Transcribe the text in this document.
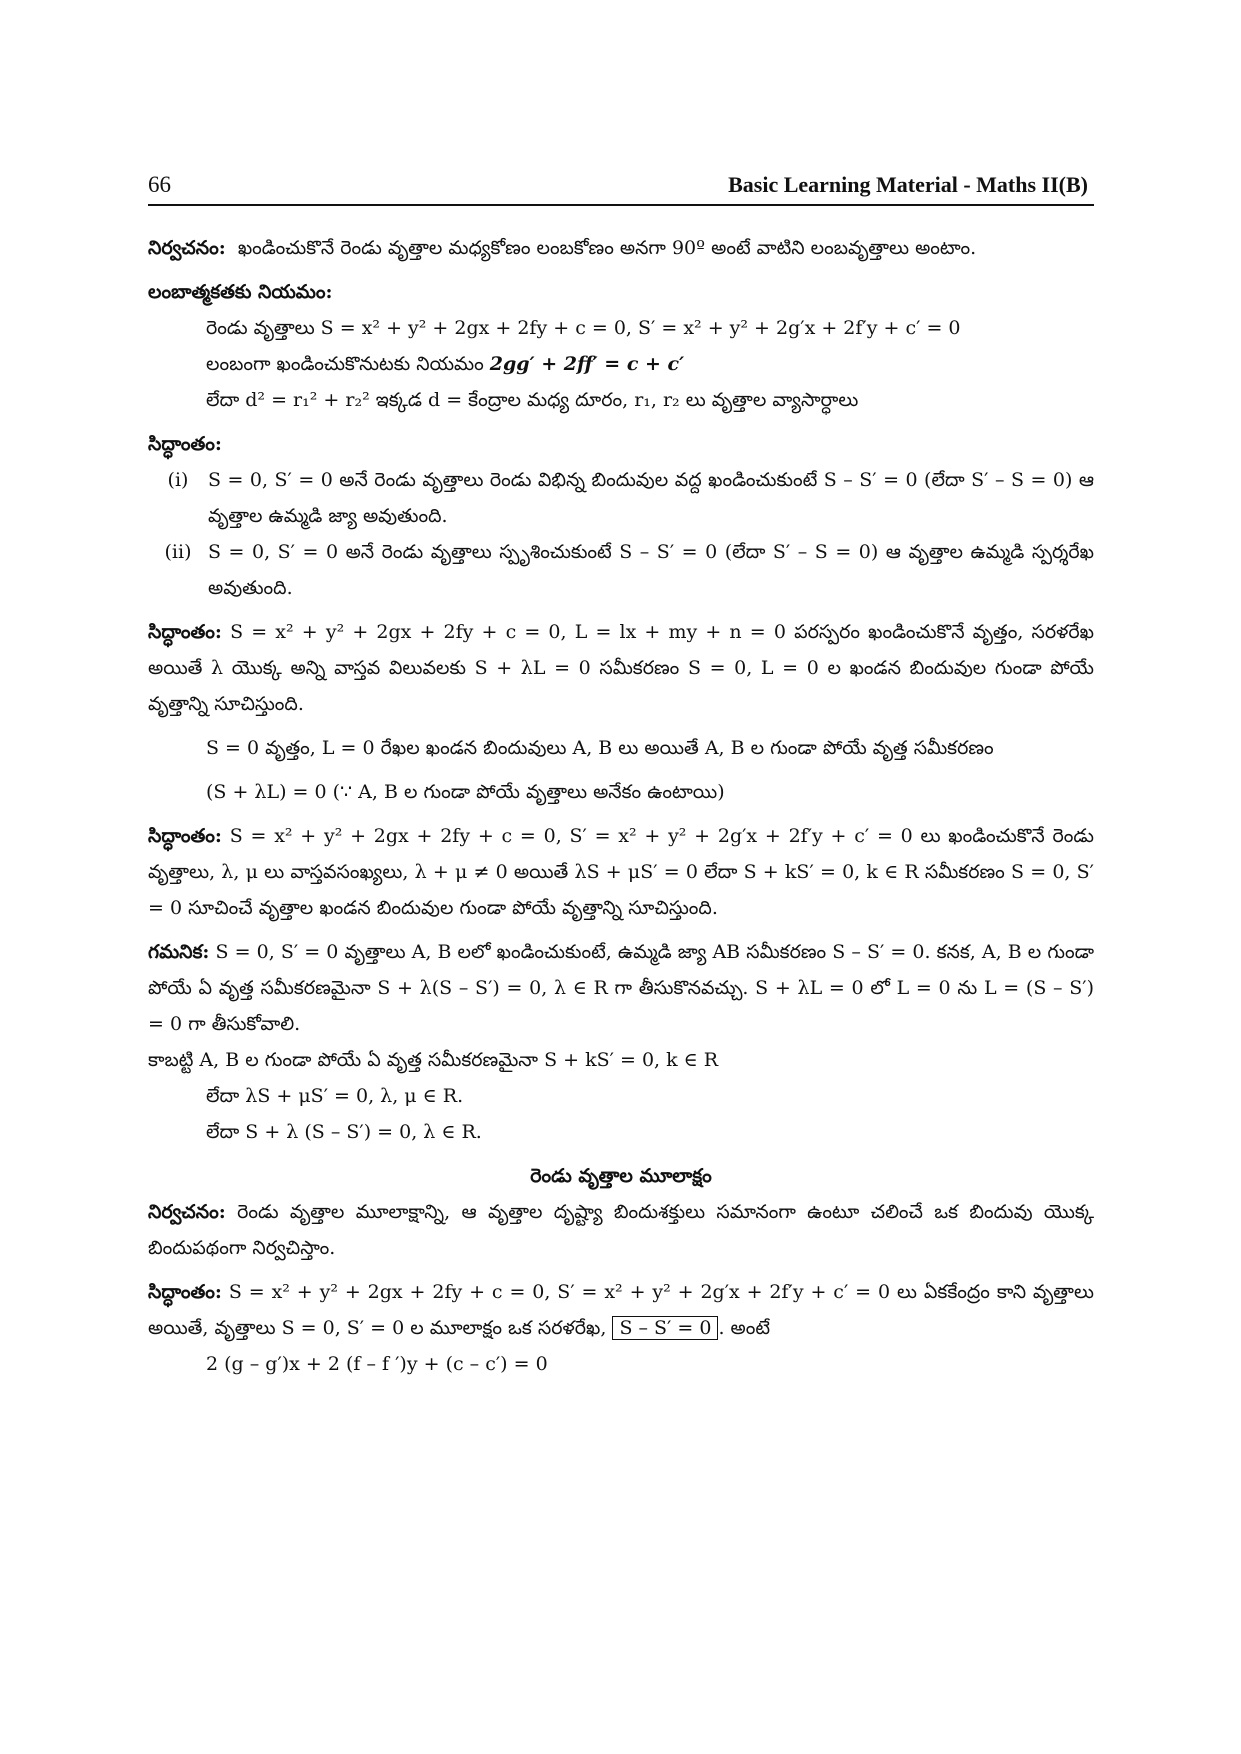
66	Basic Learning Material - Maths II(B)

నిర్వచనం: ఖండించుకొనే రెండు వృత్తాల మధ్యకోణం లంబకోణం అనగా 90º అంటే వాటిని లంబవృత్తాలు అంటాం.

లంబాత్మకతకు నియమం:

రెండు వృత్తాలు S = x² + y² + 2gx + 2fy + c = 0, S′ = x² + y² + 2g′x + 2f′y + c′ = 0

లంబంగా ఖండించుకొనుటకు నియమం 2gg′ + 2ff′ = c + c′

లేదా d² = r₁² + r₂² ఇక్కడ d = కేంద్రాల మధ్య దూరం, r₁, r₂ లు వృత్తాల వ్యాసార్ధాలు

సిద్ధాంతం:

(i)	S = 0, S′ = 0 అనే రెండు వృత్తాలు రెండు విభిన్న బిందువుల వద్ద ఖండించుకుంటే S – S′ = 0 (లేదా S′ – S = 0) ఆ వృత్తాల ఉమ్మడి జ్యా అవుతుంది.
(ii) S = 0, S′ = 0 అనే రెండు వృత్తాలు స్పృశించుకుంటే S – S′ = 0 (లేదా S′ – S = 0) ఆ వృత్తాల ఉమ్మడి స్పర్శరేఖ అవుతుంది.

సిద్ధాంతం: S = x² + y² + 2gx + 2fy + c = 0, L = lx + my + n = 0 పరస్పరం ఖండించుకొనే వృత్తం, సరళరేఖ అయితే λ యొక్క అన్ని వాస్తవ విలువలకు S + λL = 0 సమీకరణం S = 0, L = 0 ల ఖండన బిందువుల గుండా పోయే వృత్తాన్ని సూచిస్తుంది.

S = 0 వృత్తం, L = 0 రేఖల ఖండన బిందువులు A, B లు అయితే A, B ల గుండా పోయే వృత్త సమీకరణం

(S + λL) = 0 (∵ A, B ల గుండా పోయే వృత్తాలు అనేకం ఉంటాయి)

సిద్ధాంతం: S = x² + y² + 2gx + 2fy + c = 0, S′ = x² + y² + 2g′x + 2f′y + c′ = 0 లు ఖండించుకొనే రెండు వృత్తాలు, λ, μ లు వాస్తవసంఖ్యలు, λ + μ ≠ 0 అయితే λS + μS′ = 0 లేదా S + kS′ = 0, k ∈ R సమీకరణం S = 0, S′ = 0 సూచించే వృత్తాల ఖండన బిందువుల గుండా పోయే వృత్తాన్ని సూచిస్తుంది.

గమనిక: S = 0, S′ = 0 వృత్తాలు A, B లలో ఖండించుకుంటే, ఉమ్మడి జ్యా AB సమీకరణం S – S′ = 0. కనక, A, B ల గుండా పోయే ఏ వృత్త సమీకరణమైనా S + λ(S – S′) = 0, λ ∈ R గా తీసుకొనవచ్చు. S + λL = 0 లో L = 0 ను L = (S – S′) = 0 గా తీసుకోవాలి.

కాబట్టి A, B ల గుండా పోయే ఏ వృత్త సమీకరణమైనా S + kS′ = 0, k ∈ R

లేదా λS + μS′ = 0, λ, μ ∈ R.

లేదా S + λ (S – S′) = 0, λ ∈ R.

రెండు వృత్తాల మూలాక్షం

నిర్వచనం: రెండు వృత్తాల మూలాక్షాన్ని, ఆ వృత్తాల దృష్ట్యా బిందుశక్తులు సమానంగా ఉంటూ చలించే ఒక బిందువు యొక్క బిందుపథంగా నిర్వచిస్తాం.

సిద్ధాంతం: S = x² + y² + 2gx + 2fy + c = 0, S′ = x² + y² + 2g′x + 2f′y + c′ = 0 లు ఏకకేంద్రం కాని వృత్తాలు అయితే, వృత్తాలు S = 0, S′ = 0 ల మూలాక్షం ఒక సరళరేఖ, S – S′ = 0 . అంటే

2 (g – g′)x + 2 (f – f ′)y + (c – c′) = 0
